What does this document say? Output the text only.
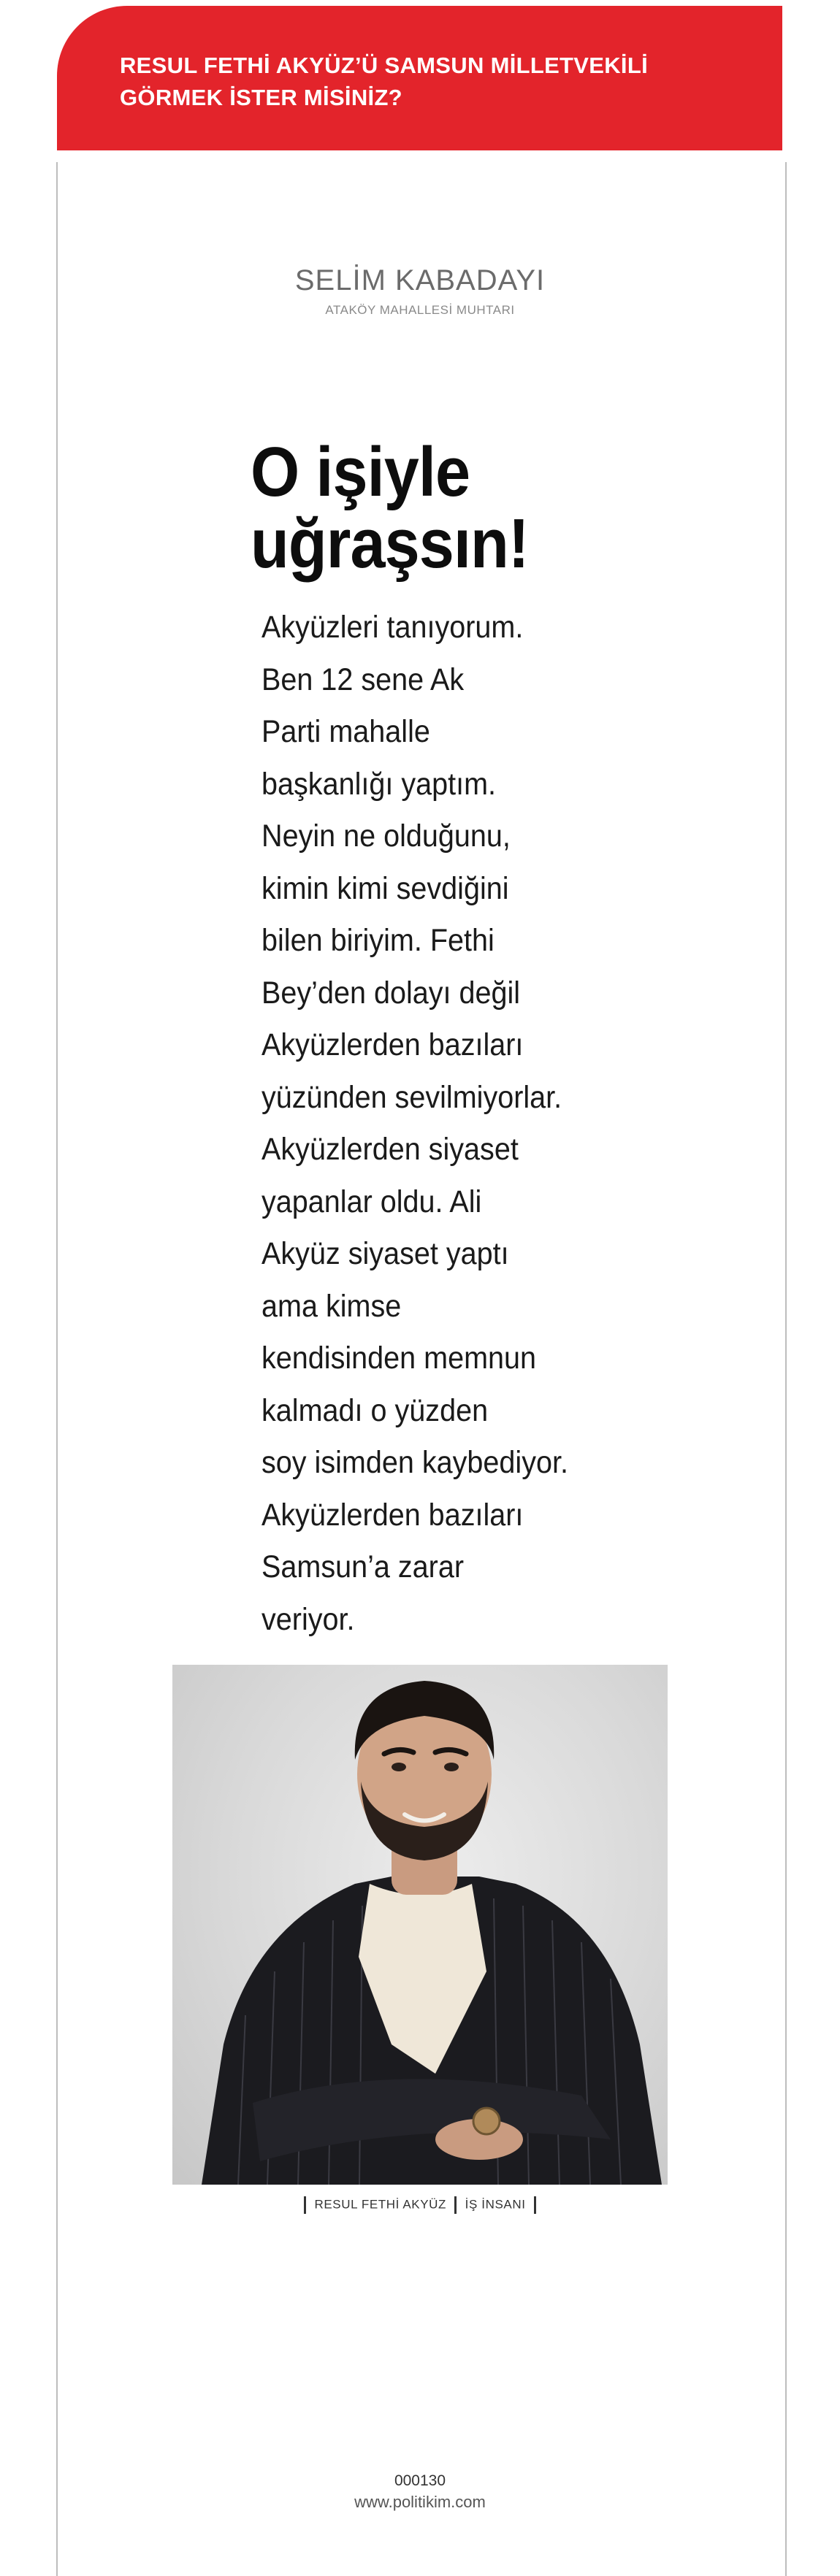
RESUL FETHİ AKYÜZ’Ü SAMSUN MİLLETVEKİLİ
GÖRMEK İSTER MİSİNİZ?

SELİM KABADAYI
ATAKÖY MAHALLESİ MUHTARI
O işiyle
uğraşsın!
Akyüzleri tanıyorum.
Ben 12 sene Ak
Parti mahalle
başkanlığı yaptım.
Neyin ne olduğunu,
kimin kimi sevdiğini
bilen biriyim. Fethi
Bey’den dolayı değil
Akyüzlerden bazıları
yüzünden sevilmiyorlar.
Akyüzlerden siyaset
yapanlar oldu. Ali
Akyüz siyaset yaptı
ama kimse
kendisinden memnun
kalmadı o yüzden
soy isimden kaybediyor.
Akyüzlerden bazıları
Samsun’a zarar
veriyor.
RESUL FETHİ AKYÜZ İŞ İNSANI
000130
www.politikim.com
